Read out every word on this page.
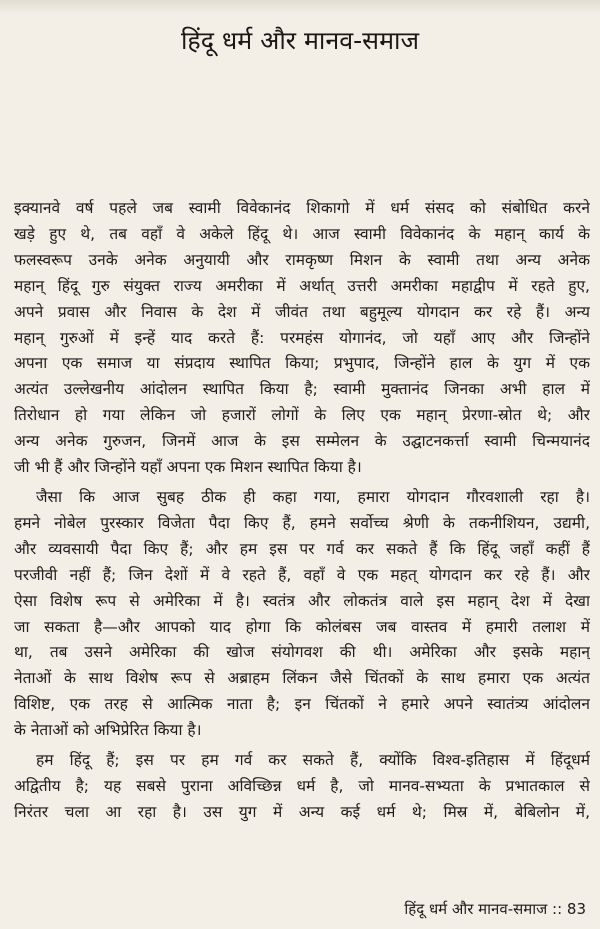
हिंदू धर्म और मानव-समाज
इक्यानवे वर्ष पहले जब स्वामी विवेकानंद शिकागो में धर्म संसद को संबोधित करने
खड़े हुए थे, तब वहाँ वे अकेले हिंदू थे। आज स्वामी विवेकानंद के महान् कार्य के
फलस्वरूप उनके अनेक अनुयायी और रामकृष्ण मिशन के स्वामी तथा अन्य अनेक
महान् हिंदू गुरु संयुक्त राज्य अमरीका में अर्थात् उत्तरी अमरीका महाद्वीप में रहते हुए,
अपने प्रवास और निवास के देश में जीवंत तथा बहुमूल्य योगदान कर रहे हैं। अन्य
महान् गुरुओं में इन्हें याद करते हैं: परमहंस योगानंद, जो यहाँ आए और जिन्होंने
अपना एक समाज या संप्रदाय स्थापित किया; प्रभुपाद, जिन्होंने हाल के युग में एक
अत्यंत उल्लेखनीय आंदोलन स्थापित किया है; स्वामी मुक्तानंद जिनका अभी हाल में
तिरोधान हो गया लेकिन जो हजारों लोगों के लिए एक महान् प्रेरणा-स्रोत थे; और
अन्य अनेक गुरुजन, जिनमें आज के इस सम्मेलन के उद्घाटनकर्त्ता स्वामी चिन्मयानंद
जी भी हैं और जिन्होंने यहाँ अपना एक मिशन स्थापित किया है।
जैसा कि आज सुबह ठीक ही कहा गया, हमारा योगदान गौरवशाली रहा है।
हमने नोबेल पुरस्कार विजेता पैदा किए हैं, हमने सर्वोच्च श्रेणी के तकनीशियन, उद्यमी,
और व्यवसायी पैदा किए हैं; और हम इस पर गर्व कर सकते हैं कि हिंदू जहाँ कहीं हैं
परजीवी नहीं हैं; जिन देशों में वे रहते हैं, वहाँ वे एक महत् योगदान कर रहे हैं। और
ऐसा विशेष रूप से अमेरिका में है। स्वतंत्र और लोकतंत्र वाले इस महान् देश में देखा
जा सकता है—और आपको याद होगा कि कोलंबस जब वास्तव में हमारी तलाश में
था, तब उसने अमेरिका की खोज संयोगवश की थी। अमेरिका और इसके महान्
नेताओं के साथ विशेष रूप से अब्राहम लिंकन जैसे चिंतकों के साथ हमारा एक अत्यंत
विशिष्ट, एक तरह से आत्मिक नाता है; इन चिंतकों ने हमारे अपने स्वातंत्र्य आंदोलन
के नेताओं को अभिप्रेरित किया है।
हम हिंदू हैं; इस पर हम गर्व कर सकते हैं, क्योंकि विश्व-इतिहास में हिंदूधर्म
अद्वितीय है; यह सबसे पुराना अविच्छिन्न धर्म है, जो मानव-सभ्यता के प्रभातकाल से
निरंतर चला आ रहा है। उस युग में अन्य कई धर्म थे; मिस्र में, बेबिलोन में,
हिंदू धर्म और मानव-समाज :: 83
